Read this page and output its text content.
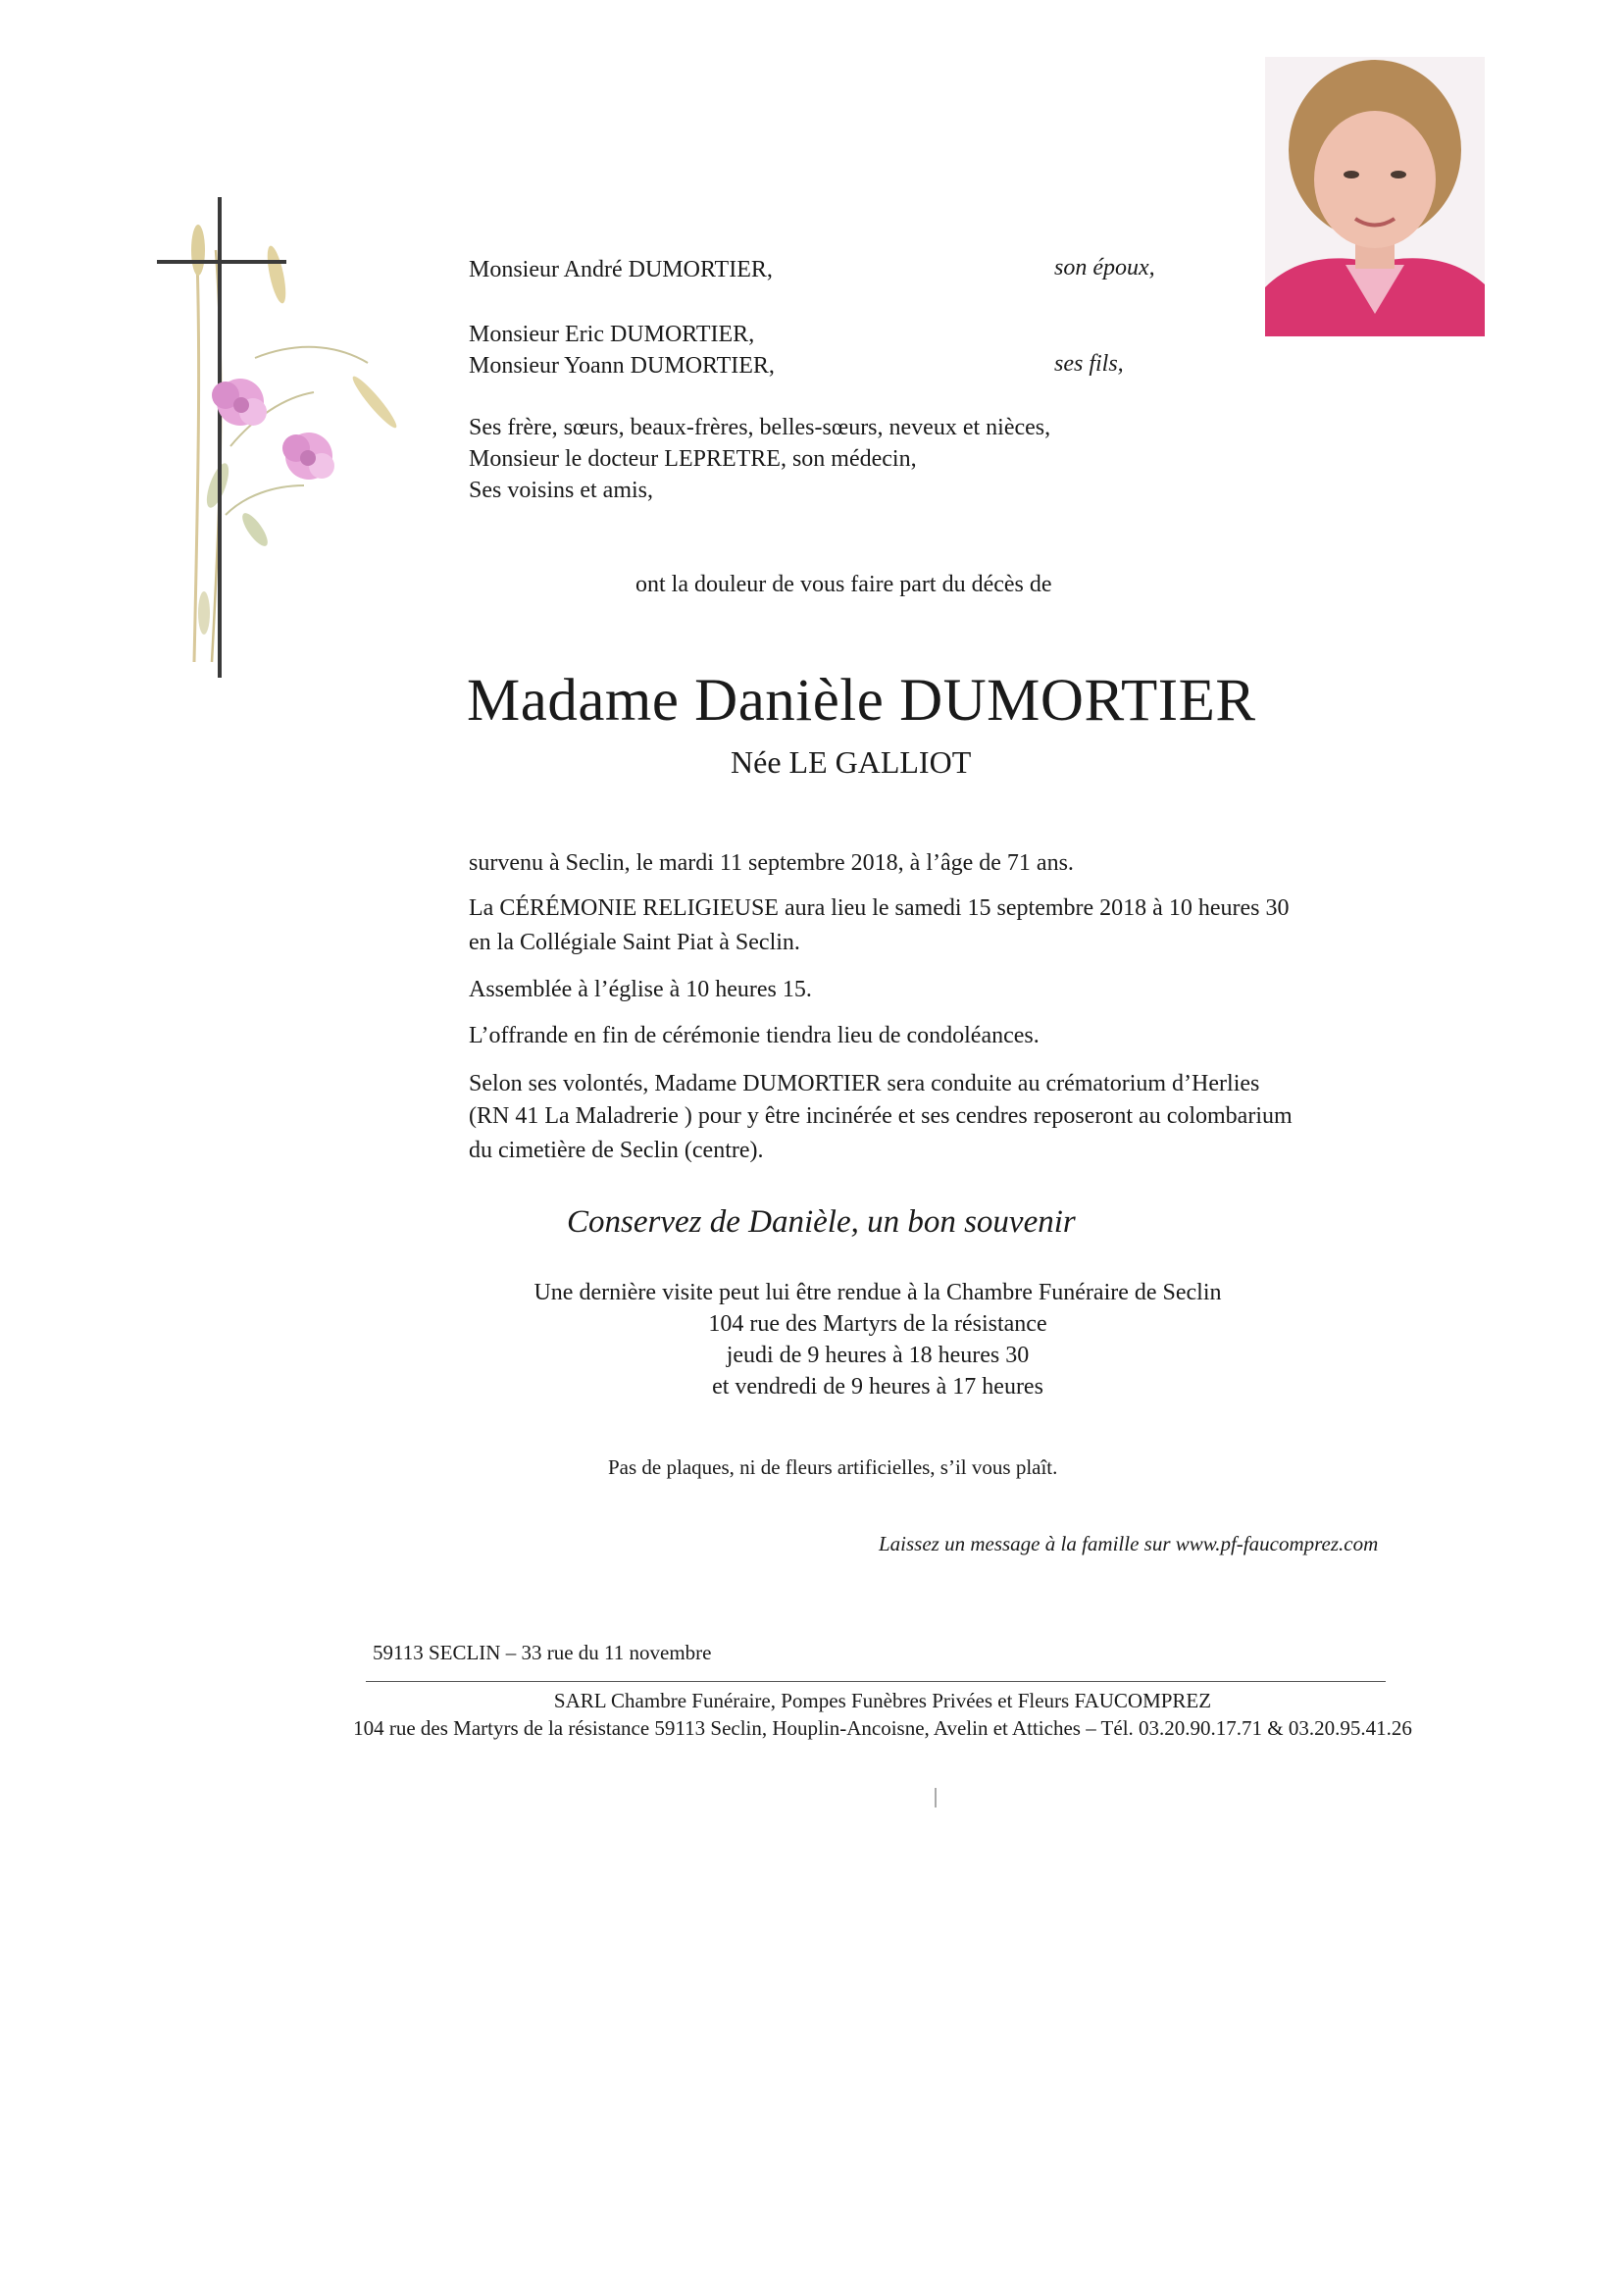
Monsieur André DUMORTIER,	son époux,
Monsieur Eric DUMORTIER,
Monsieur Yoann DUMORTIER,	ses fils,
Ses frère, sœurs, beaux-frères, belles-sœurs, neveux et nièces,
Monsieur le docteur LEPRETRE, son médecin,
Ses voisins et amis,
ont la douleur de vous faire part du décès de
Madame Danièle DUMORTIER
Née LE GALLIOT
survenu à Seclin, le mardi 11 septembre 2018, à l’âge de 71 ans.
La CÉRÉMONIE RELIGIEUSE aura lieu le samedi 15 septembre 2018 à 10 heures 30
en la Collégiale Saint Piat à Seclin.
Assemblée à l’église à 10 heures 15.
L’offrande en fin de cérémonie tiendra lieu de condoléances.
Selon ses volontés, Madame DUMORTIER sera conduite au crématorium d’Herlies
(RN 41 La Maladrerie ) pour y être incinérée et ses cendres reposeront au colombarium
du cimetière de Seclin (centre).
Conservez de Danièle, un bon souvenir
Une dernière visite peut lui être rendue à la Chambre Funéraire de Seclin
104 rue des Martyrs de la résistance
jeudi de 9 heures à 18 heures 30
et vendredi de 9 heures à 17 heures
Pas de plaques, ni de fleurs artificielles, s’il vous plaît.
Laissez un message à la famille sur www.pf-faucomprez.com
59113 SECLIN – 33 rue du 11 novembre
SARL Chambre Funéraire, Pompes Funèbres Privées et Fleurs FAUCOMPREZ
104 rue des Martyrs de la résistance 59113 Seclin, Houplin-Ancoisne, Avelin et Attiches – Tél. 03.20.90.17.71 & 03.20.95.41.26
